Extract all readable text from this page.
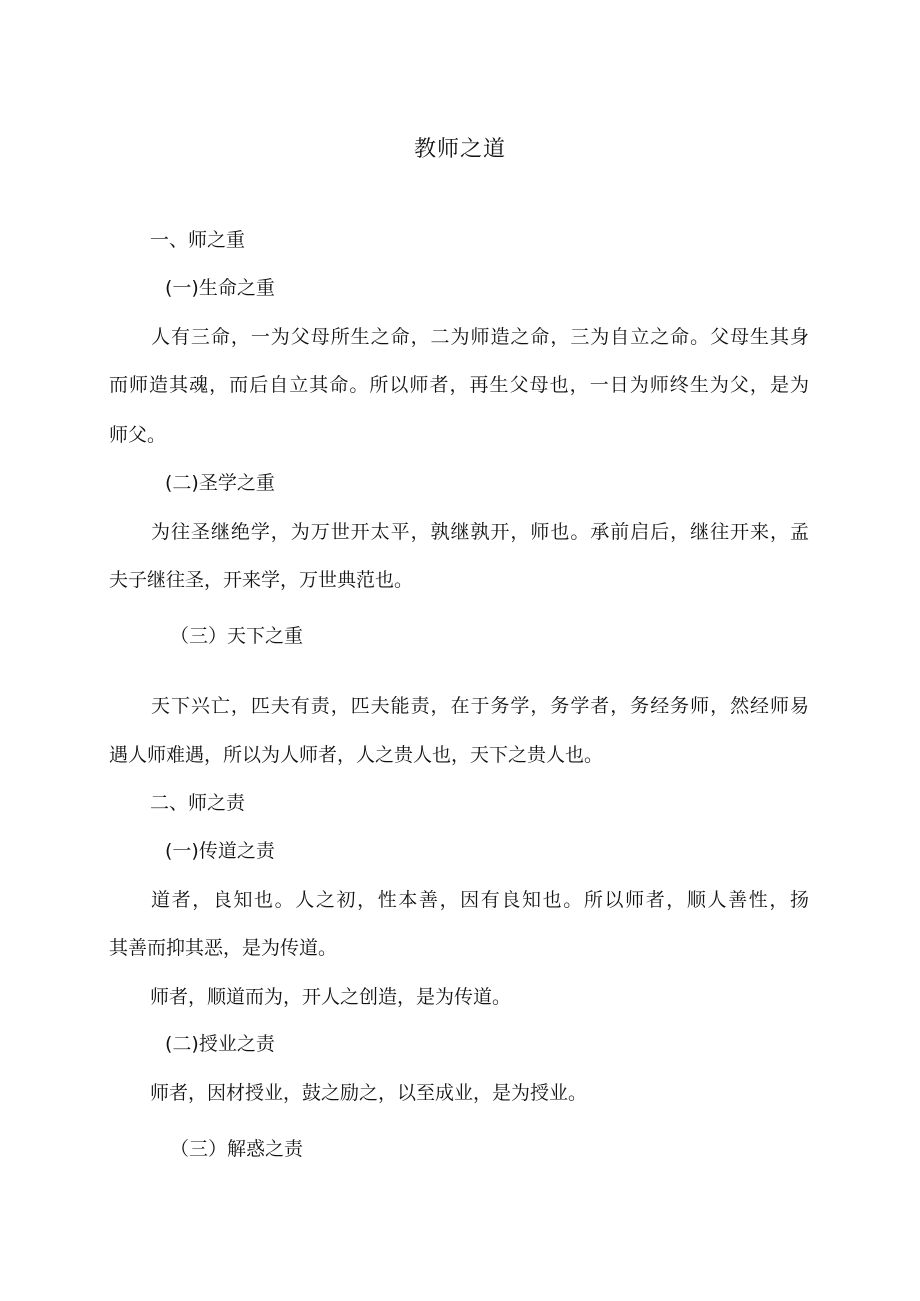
教师之道
一、师之重
(一)生命之重
人有三命，一为父母所生之命，二为师造之命，三为自立之命。父母生其身
而师造其魂，而后自立其命。所以师者，再生父母也，一日为师终生为父，是为
师父。
(二)圣学之重
为往圣继绝学，为万世开太平，孰继孰开，师也。承前启后，继往开来，孟
夫子继往圣，开来学，万世典范也。
（三）天下之重
天下兴亡，匹夫有责，匹夫能责，在于务学，务学者，务经务师，然经师易
遇人师难遇，所以为人师者，人之贵人也，天下之贵人也。
二、师之责
(一)传道之责
道者，良知也。人之初，性本善，因有良知也。所以师者，顺人善性，扬
其善而抑其恶，是为传道。
师者，顺道而为，开人之创造，是为传道。
(二)授业之责
师者，因材授业，鼓之励之，以至成业，是为授业。
（三）解惑之责
